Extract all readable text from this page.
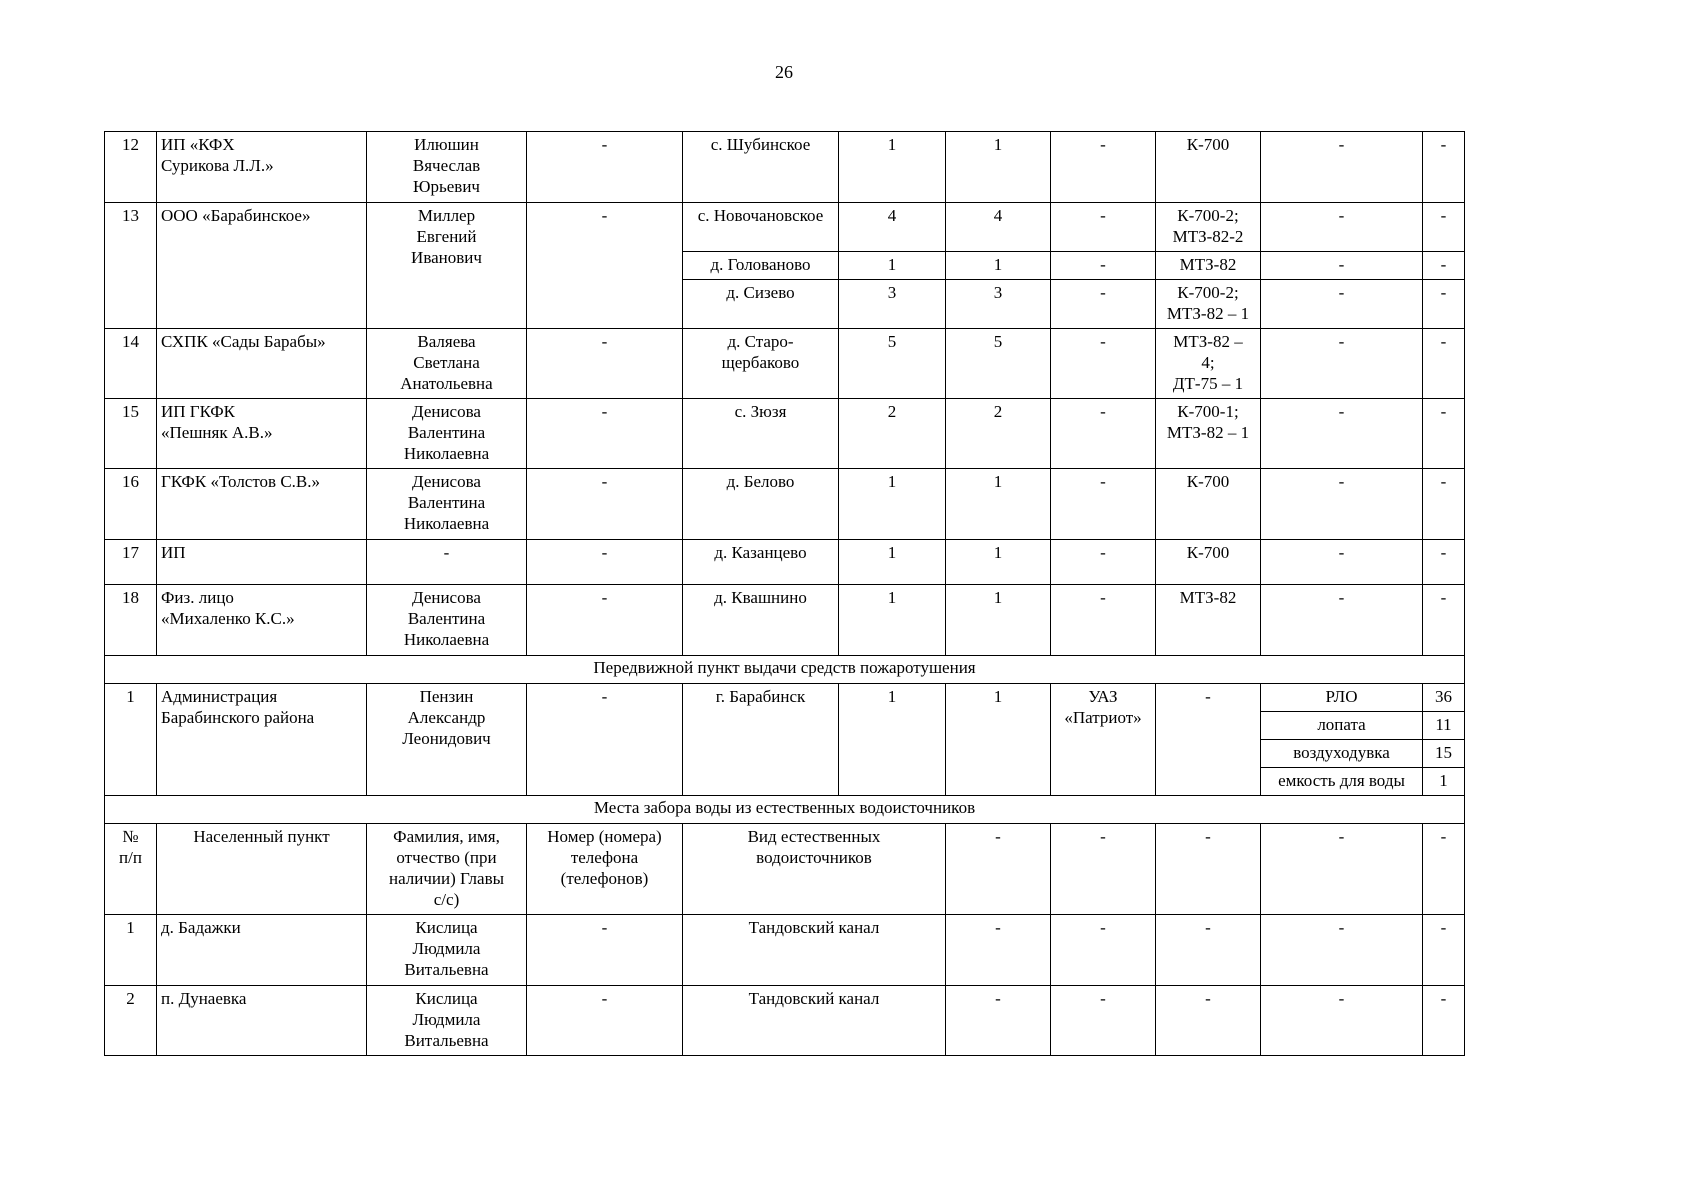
26
12	ИП «КФХ
Сурикова Л.Л.»	Илюшин
Вячеслав
Юрьевич	-	с. Шубинское	1	1	-	К-700	-	-
13	ООО «Барабинское»	Миллер
Евгений
Иванович	-	с. Новочановское	4	4	-	К-700-2;
МТЗ-82-2	-	-
				д. Голованово	1	1	-	МТЗ-82	-	-
				д. Сизево	3	3	-	К-700-2;
МТЗ-82 – 1	-	-
14	СХПК «Сады Барабы»	Валяева
Светлана
Анатольевна	-	д. Старо-
щербаково	5	5	-	МТЗ-82 –
4;
ДТ-75 – 1	-	-
15	ИП ГКФК
«Пешняк А.В.»	Денисова
Валентина
Николаевна	-	с. Зюзя	2	2	-	К-700-1;
МТЗ-82 – 1	-	-
16	ГКФК «Толстов С.В.»	Денисова
Валентина
Николаевна	-	д. Белово	1	1	-	К-700	-	-
17	ИП	-	-	д. Казанцево	1	1	-	К-700	-	-
18	Физ. лицо
«Михаленко К.С.»	Денисова
Валентина
Николаевна	-	д. Квашнино	1	1	-	МТЗ-82	-	-
Передвижной пункт выдачи средств пожаротушения										
1	Администрация
Барабинского района	Пензин
Александр
Леонидович	-	г. Барабинск	1	1	УАЗ
«Патриот»	-	РЛО	36
									лопата	11
									воздуходувка	15
									емкость для воды	1
Места забора воды из естественных водоисточников										
№
п/п	Населенный пункт	Фамилия, имя,
отчество (при
наличии) Главы
с/с)	Номер (номера)
телефона
(телефонов)	Вид естественных
водоисточников		-	-	-	-	-
1	д. Бадажки	Кислица
Людмила
Витальевна	-	Тандовский канал		-	-	-	-	-
2	п. Дунаевка	Кислица
Людмила
Витальевна	-	Тандовский канал		-	-	-	-	-
